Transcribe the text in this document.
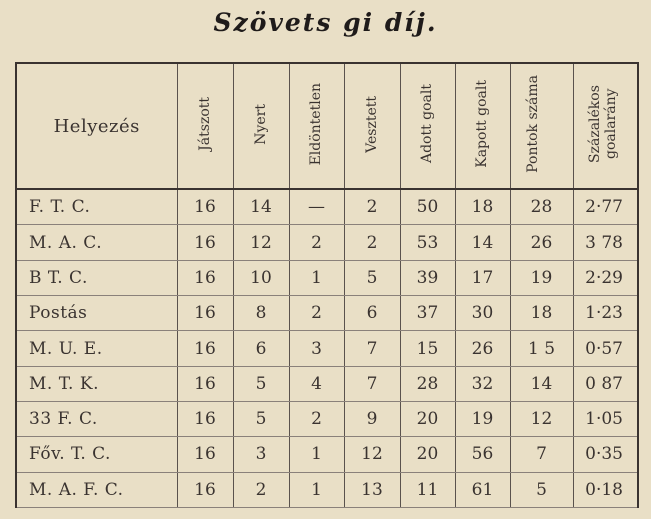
Szövets gi díj.
Helyezés	Játszott	Nyert	Eldöntetlen	Vesztett	Adott goalt	Kapott goalt	Pontok száma	Százalékos goalarány
F. T. C.	16	14	—	2	50	18	28	2·77
M. A. C.	16	12	2	2	53	14	26	3 78
B T. C.	16	10	1	5	39	17	19	2·29
Postás	16	8	2	6	37	30	18	1·23
M. U. E.	16	6	3	7	15	26	1 5	0·57
M. T. K.	16	5	4	7	28	32	14	0 87
33 F. C.	16	5	2	9	20	19	12	1·05
Főv. T. C.	16	3	1	12	20	56	7	0·35
M. A. F. C.	16	2	1	13	11	61	5	0·18
